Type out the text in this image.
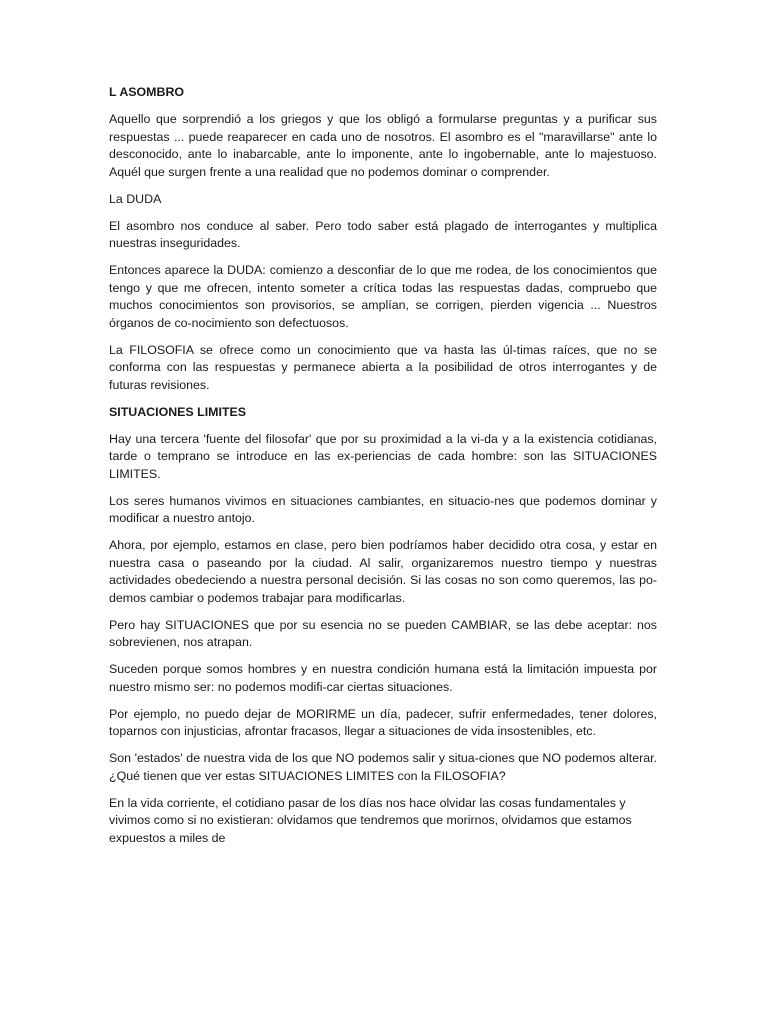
L ASOMBRO

Aquello que sorprendió a los griegos y que los obligó a formularse preguntas y a purificar sus respuestas ... puede reaparecer en cada uno de nosotros. El asombro es el "maravillarse" ante lo desconocido, ante lo inabarcable, ante lo imponente, ante lo ingobernable, ante lo majestuoso. Aquél que surgen frente a una realidad que no podemos dominar o comprender.

La DUDA

El asombro nos conduce al saber. Pero todo saber está plagado de interrogantes y multiplica nuestras inseguridades.

Entonces aparece la DUDA: comienzo a desconfiar de lo que me rodea, de los conocimientos que tengo y que me ofrecen, intento someter a crítica todas las respuestas dadas, compruebo que muchos conocimientos son provisorios, se amplían, se corrigen, pierden vigencia ... Nuestros órganos de co-nocimiento son defectuosos.

La FILOSOFIA se ofrece como un conocimiento que va hasta las úl-timas raíces, que no se conforma con las respuestas y permanece abierta a la posibilidad de otros interrogantes y de futuras revisiones.

SITUACIONES LIMITES

Hay una tercera 'fuente del filosofar' que por su proximidad a la vi-da y a la existencia cotidianas, tarde o temprano se introduce en las ex-periencias de cada hombre: son las SITUACIONES LIMITES.

Los seres humanos vivimos en situaciones cambiantes, en situacio-nes que podemos dominar y modificar a nuestro antojo.

Ahora, por ejemplo, estamos en clase, pero bien podríamos haber decidido otra cosa, y estar en nuestra casa o paseando por la ciudad. Al salir, organizaremos nuestro tiempo y nuestras actividades obedeciendo a nuestra personal decisión. Si las cosas no son como queremos, las po-demos cambiar o podemos trabajar para modificarlas.

Pero hay SITUACIONES que por su esencia no se pueden CAMBIAR, se las debe aceptar: nos sobrevienen, nos atrapan.

Suceden porque somos hombres y en nuestra condición humana está la limitación impuesta por nuestro mismo ser: no podemos modifi-car ciertas situaciones.

Por ejemplo, no puedo dejar de MORIRME un día, padecer, sufrir enfermedades, tener dolores, toparnos con injusticias, afrontar fracasos, llegar a situaciones de vida insostenibles, etc.

Son 'estados' de nuestra vida de los que NO podemos salir y situa-ciones que NO podemos alterar. ¿Qué tienen que ver estas SITUACIONES LIMITES con la FILOSOFIA?

En la vida corriente, el cotidiano pasar de los días nos hace olvidar las cosas fundamentales y vivimos como si no existieran: olvidamos que tendremos que morirnos, olvidamos que estamos expuestos a miles de
